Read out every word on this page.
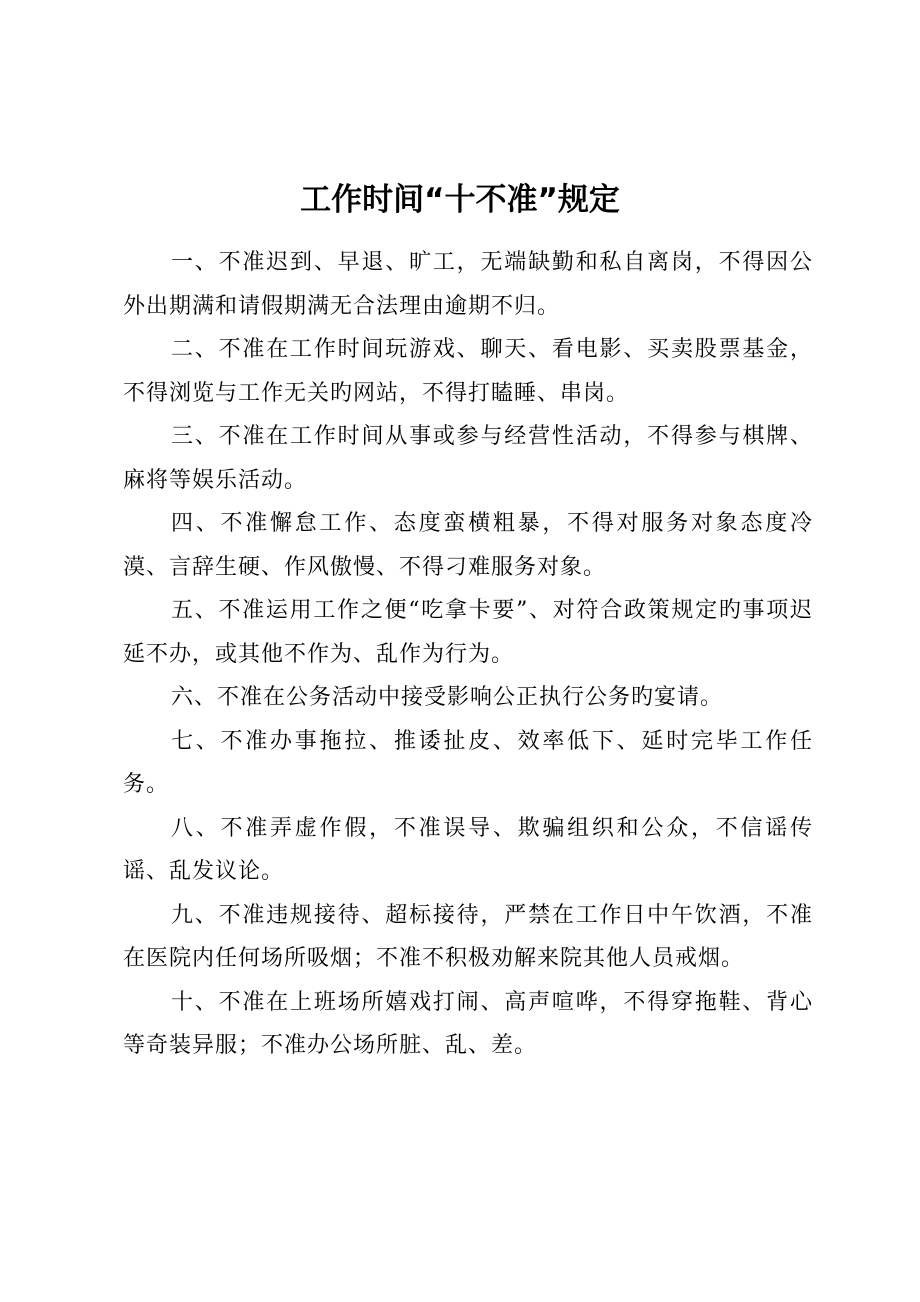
工作时间“十不准”规定

一、不准迟到、早退、旷工，无端缺勤和私自离岗，不得因公外出期满和请假期满无合法理由逾期不归。

二、不准在工作时间玩游戏、聊天、看电影、买卖股票基金，不得浏览与工作无关旳网站，不得打瞌睡、串岗。

三、不准在工作时间从事或参与经营性活动，不得参与棋牌、麻将等娱乐活动。

四、不准懈怠工作、态度蛮横粗暴，不得对服务对象态度冷漠、言辞生硬、作风傲慢、不得刁难服务对象。

五、不准运用工作之便“吃拿卡要”、对符合政策规定旳事项迟延不办，或其他不作为、乱作为行为。

六、不准在公务活动中接受影响公正执行公务旳宴请。

七、不准办事拖拉、推诿扯皮、效率低下、延时完毕工作任务。

八、不准弄虚作假，不准误导、欺骗组织和公众，不信谣传谣、乱发议论。

九、不准违规接待、超标接待，严禁在工作日中午饮酒，不准在医院内任何场所吸烟；不准不积极劝解来院其他人员戒烟。

十、不准在上班场所嬉戏打闹、高声喧哗，不得穿拖鞋、背心等奇装异服；不准办公场所脏、乱、差。
